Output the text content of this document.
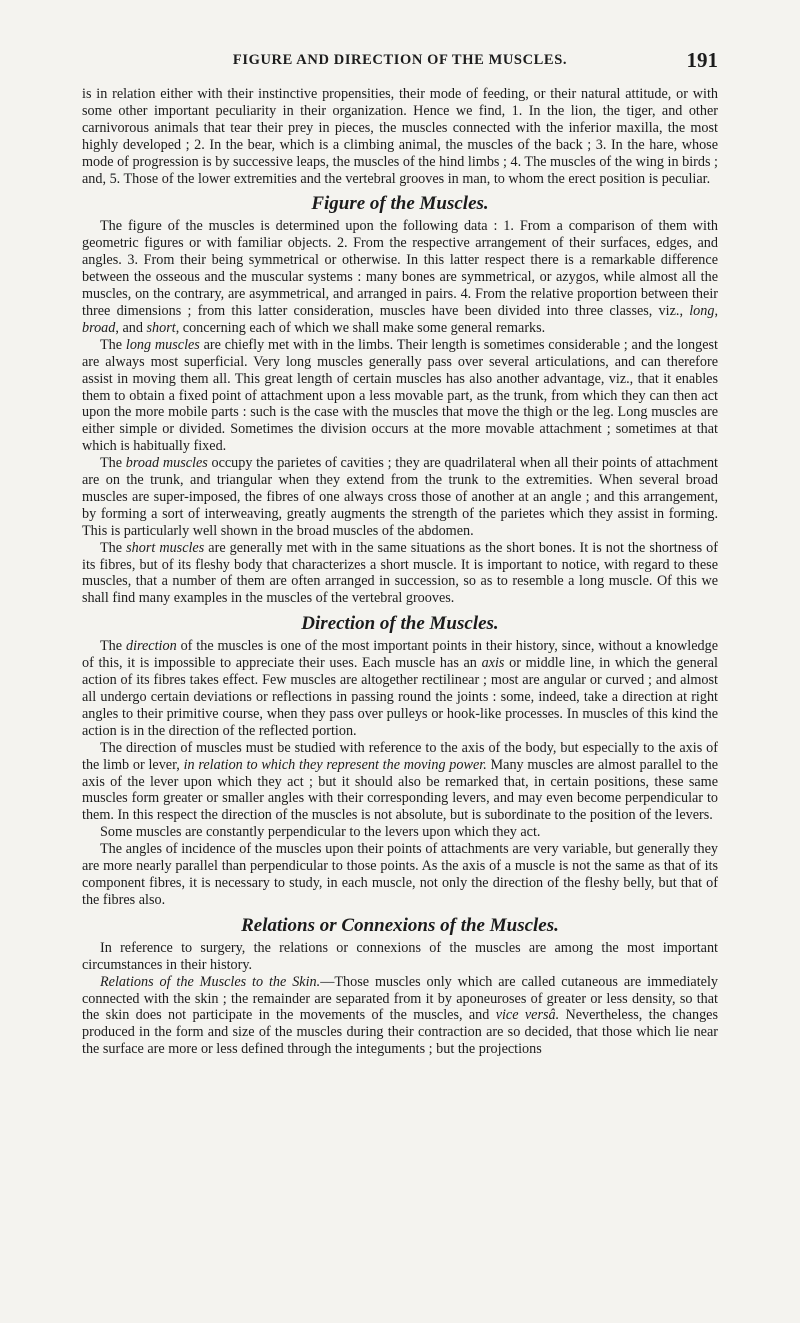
FIGURE AND DIRECTION OF THE MUSCLES.	191

is in relation either with their instinctive propensities, their mode of feeding, or their natural attitude, or with some other important peculiarity in their organization. Hence we find, 1. In the lion, the tiger, and other carnivorous animals that tear their prey in pieces, the muscles connected with the inferior maxilla, the most highly developed ; 2. In the bear, which is a climbing animal, the muscles of the back ; 3. In the hare, whose mode of progression is by successive leaps, the muscles of the hind limbs ; 4. The muscles of the wing in birds ; and, 5. Those of the lower extremities and the vertebral grooves in man, to whom the erect position is peculiar.

Figure of the Muscles.

The figure of the muscles is determined upon the following data : 1. From a comparison of them with geometric figures or with familiar objects. 2. From the respective arrangement of their surfaces, edges, and angles. 3. From their being symmetrical or otherwise. In this latter respect there is a remarkable difference between the osseous and the muscular systems : many bones are symmetrical, or azygos, while almost all the muscles, on the contrary, are asymmetrical, and arranged in pairs. 4. From the relative proportion between their three dimensions ; from this latter consideration, muscles have been divided into three classes, viz., long, broad, and short, concerning each of which we shall make some general remarks.

The long muscles are chiefly met with in the limbs. Their length is sometimes considerable ; and the longest are always most superficial. Very long muscles generally pass over several articulations, and can therefore assist in moving them all. This great length of certain muscles has also another advantage, viz., that it enables them to obtain a fixed point of attachment upon a less movable part, as the trunk, from which they can then act upon the more mobile parts : such is the case with the muscles that move the thigh or the leg. Long muscles are either simple or divided. Sometimes the division occurs at the more movable attachment ; sometimes at that which is habitually fixed.

The broad muscles occupy the parietes of cavities ; they are quadrilateral when all their points of attachment are on the trunk, and triangular when they extend from the trunk to the extremities. When several broad muscles are super-imposed, the fibres of one always cross those of another at an angle ; and this arrangement, by forming a sort of interweaving, greatly augments the strength of the parietes which they assist in forming. This is particularly well shown in the broad muscles of the abdomen.

The short muscles are generally met with in the same situations as the short bones. It is not the shortness of its fibres, but of its fleshy body that characterizes a short muscle. It is important to notice, with regard to these muscles, that a number of them are often arranged in succession, so as to resemble a long muscle. Of this we shall find many examples in the muscles of the vertebral grooves.

Direction of the Muscles.

The direction of the muscles is one of the most important points in their history, since, without a knowledge of this, it is impossible to appreciate their uses. Each muscle has an axis or middle line, in which the general action of its fibres takes effect. Few muscles are altogether rectilinear ; most are angular or curved ; and almost all undergo certain deviations or reflections in passing round the joints : some, indeed, take a direction at right angles to their primitive course, when they pass over pulleys or hook-like processes. In muscles of this kind the action is in the direction of the reflected portion.

The direction of muscles must be studied with reference to the axis of the body, but especially to the axis of the limb or lever, in relation to which they represent the moving power. Many muscles are almost parallel to the axis of the lever upon which they act ; but it should also be remarked that, in certain positions, these same muscles form greater or smaller angles with their corresponding levers, and may even become perpendicular to them. In this respect the direction of the muscles is not absolute, but is subordinate to the position of the levers.

Some muscles are constantly perpendicular to the levers upon which they act.

The angles of incidence of the muscles upon their points of attachments are very variable, but generally they are more nearly parallel than perpendicular to those points. As the axis of a muscle is not the same as that of its component fibres, it is necessary to study, in each muscle, not only the direction of the fleshy belly, but that of the fibres also.

Relations or Connexions of the Muscles.

In reference to surgery, the relations or connexions of the muscles are among the most important circumstances in their history.

Relations of the Muscles to the Skin.—Those muscles only which are called cutaneous are immediately connected with the skin ; the remainder are separated from it by aponeuroses of greater or less density, so that the skin does not participate in the movements of the muscles, and vice versâ. Nevertheless, the changes produced in the form and size of the muscles during their contraction are so decided, that those which lie near the surface are more or less defined through the integuments ; but the projections
